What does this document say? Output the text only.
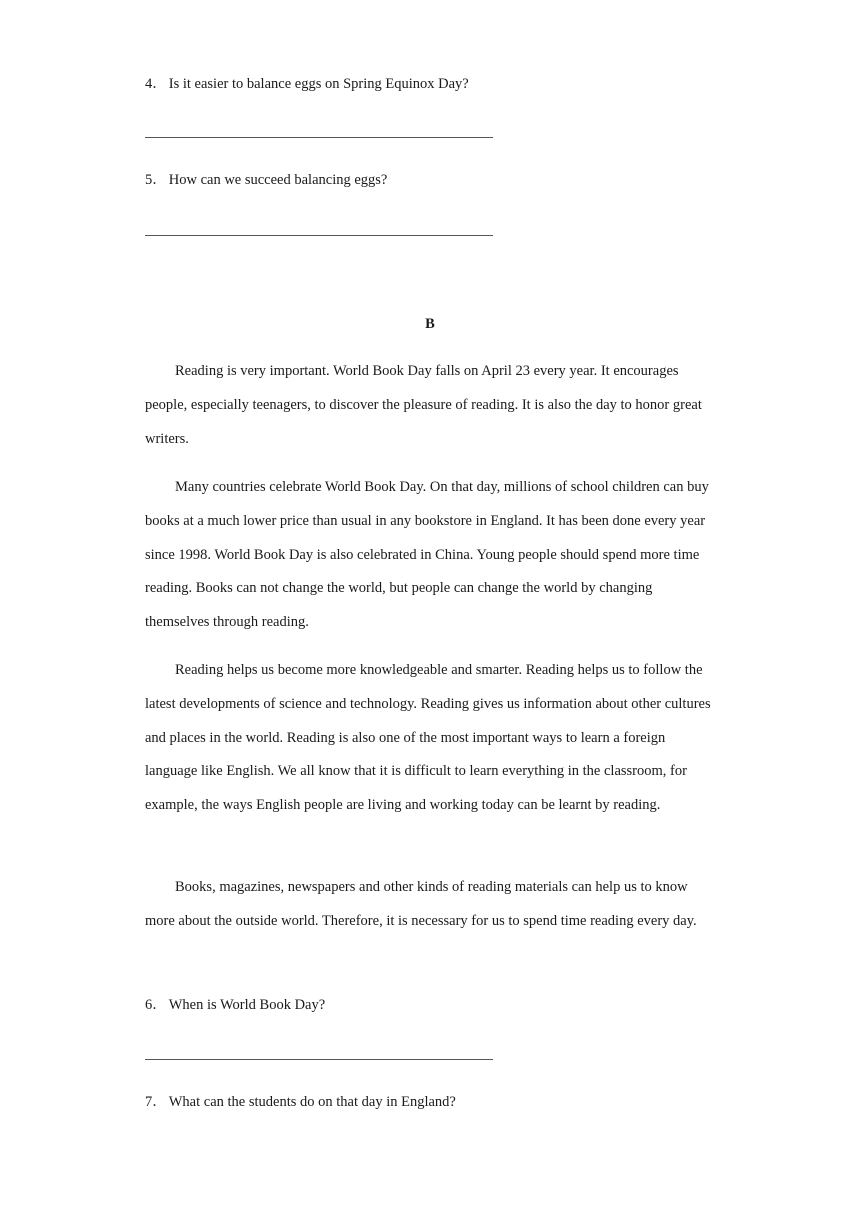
4． Is it easier to balance eggs on Spring Equinox Day?

5． How can we succeed balancing eggs?

B

Reading is very important. World Book Day falls on April 23 every year. It encourages people, especially teenagers, to discover the pleasure of reading. It is also the day to honor great writers.

Many countries celebrate World Book Day. On that day, millions of school children can buy books at a much lower price than usual in any bookstore in England. It has been done every year since 1998. World Book Day is also celebrated in China. Young people should spend more time reading. Books can not change the world, but people can change the world by changing themselves through reading.

Reading helps us become more knowledgeable and smarter. Reading helps us to follow the latest developments of science and technology. Reading gives us information about other cultures and places in the world. Reading is also one of the most important ways to learn a foreign language like English. We all know that it is difficult to learn everything in the classroom, for example, the ways English people are living and working today can be learnt by reading.

Books, magazines, newspapers and other kinds of reading materials can help us to know more about the outside world. Therefore, it is necessary for us to spend time reading every day.

6． When is World Book Day?

7． What can the students do on that day in England?
